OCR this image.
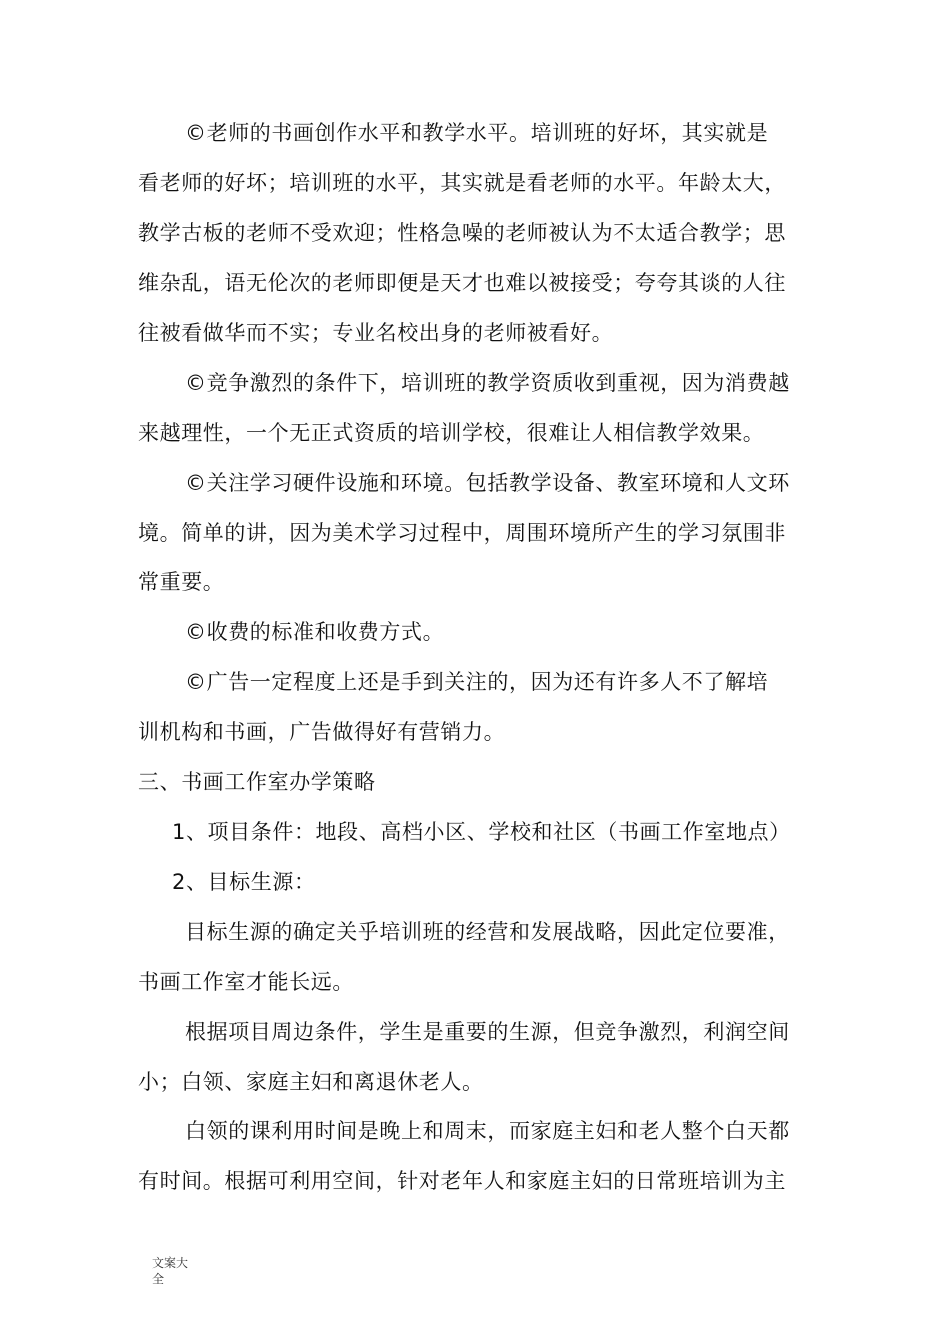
©老师的书画创作水平和教学水平。培训班的好坏，其实就是
看老师的好坏；培训班的水平，其实就是看老师的水平。年龄太大，
教学古板的老师不受欢迎；性格急噪的老师被认为不太适合教学；思
维杂乱，语无伦次的老师即便是天才也难以被接受；夸夸其谈的人往
往被看做华而不实；专业名校出身的老师被看好。
©竞争激烈的条件下，培训班的教学资质收到重视，因为消费越
来越理性，一个无正式资质的培训学校，很难让人相信教学效果。
©关注学习硬件设施和环境。包括教学设备、教室环境和人文环
境。简单的讲，因为美术学习过程中，周围环境所产生的学习氛围非
常重要。
©收费的标准和收费方式。
©广告一定程度上还是手到关注的，因为还有许多人不了解培
训机构和书画，广告做得好有营销力。
三、书画工作室办学策略
1、项目条件：地段、高档小区、学校和社区（书画工作室地点）
2、目标生源：
目标生源的确定关乎培训班的经营和发展战略，因此定位要准，
书画工作室才能长远。
根据项目周边条件，学生是重要的生源，但竞争激烈，利润空间
小；白领、家庭主妇和离退休老人。
白领的课利用时间是晚上和周末，而家庭主妇和老人整个白天都
有时间。根据可利用空间，针对老年人和家庭主妇的日常班培训为主
文案大全
